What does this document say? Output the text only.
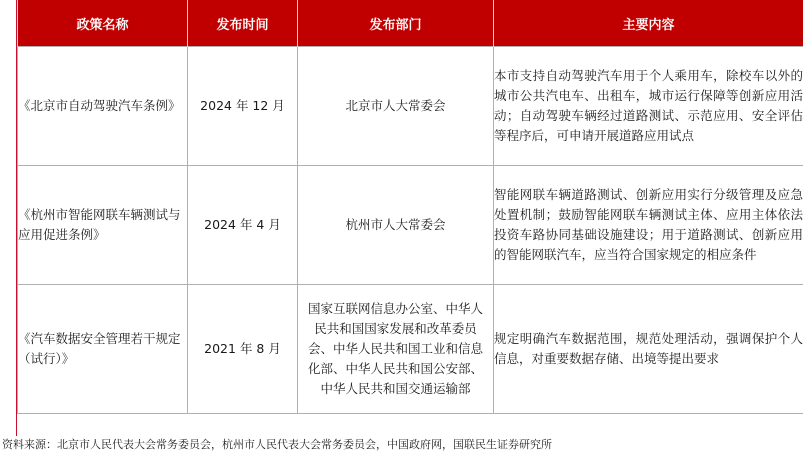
政策名称	发布时间	发布部门	主要内容
《北京市自动驾驶汽车条例》	2024 年 12 月	北京市人大常委会	本市支持自动驾驶汽车用于个人乘用车，除校车以外的城市公共汽电车、出租车，城市运行保障等创新应用活动；自动驾驶车辆经过道路测试、示范应用、安全评估等程序后，可申请开展道路应用试点
《杭州市智能网联车辆测试与应用促进条例》	2024 年 4 月	杭州市人大常委会	智能网联车辆道路测试、创新应用实行分级管理及应急处置机制；鼓励智能网联车辆测试主体、应用主体依法投资车路协同基础设施建设；用于道路测试、创新应用的智能网联汽车，应当符合国家规定的相应条件
《汽车数据安全管理若干规定（试行）》	2021 年 8 月	国家互联网信息办公室、中华人民共和国国家发展和改革委员会、中华人民共和国工业和信息化部、中华人民共和国公安部、中华人民共和国交通运输部	规定明确汽车数据范围，规范处理活动，强调保护个人信息，对重要数据存储、出境等提出要求
资料来源：北京市人民代表大会常务委员会，杭州市人民代表大会常务委员会，中国政府网，国联民生证券研究所
